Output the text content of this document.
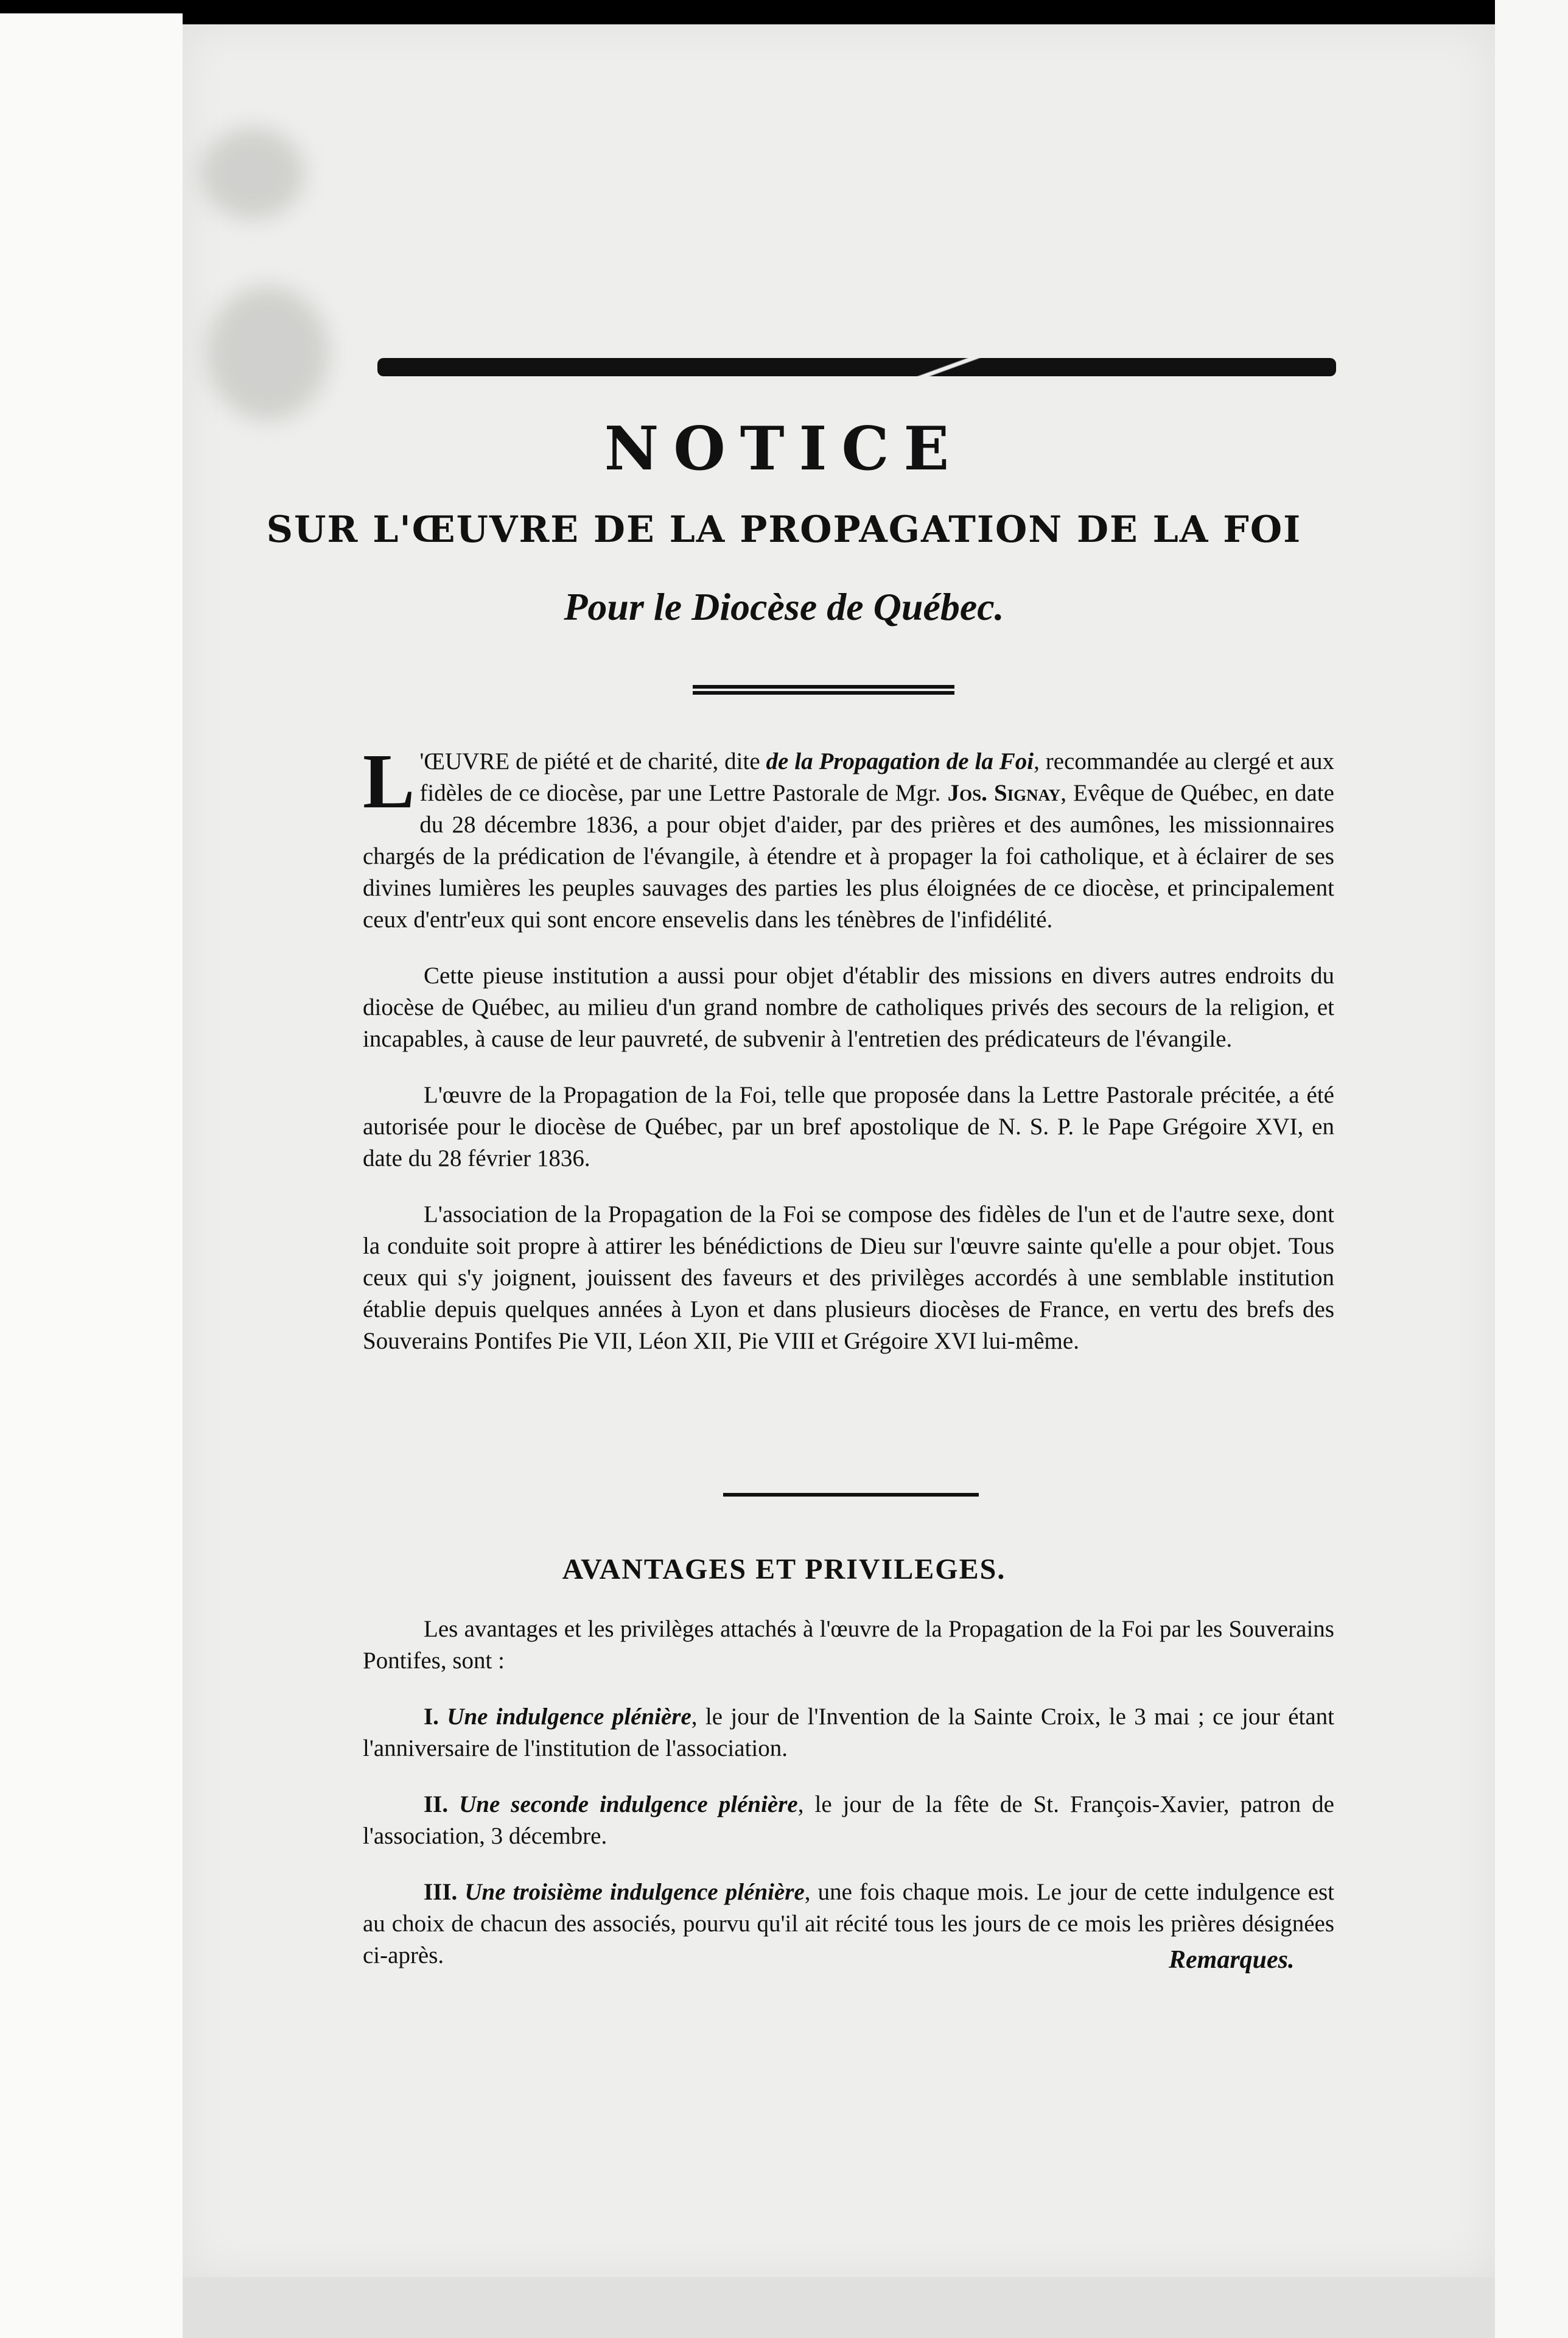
NOTICE
SUR L'ŒUVRE DE LA PROPAGATION DE LA FOI
Pour le Diocèse de Québec.

L 'ŒUVRE de piété et de charité, dite de la Propagation de la Foi, recommandée au clergé et aux fidèles de ce diocèse, par une Lettre Pastorale de Mgr. Jos. Signay, Evêque de Québec, en date du 28 décembre 1836, a pour objet d'aider, par des prières et des aumônes, les missionnaires chargés de la prédication de l'évangile, à étendre et à propager la foi catholique, et à éclairer de ses divines lumières les peuples sauvages des parties les plus éloignées de ce diocèse, et principalement ceux d'entr'eux qui sont encore ensevelis dans les ténèbres de l'infidélité.

Cette pieuse institution a aussi pour objet d'établir des missions en divers autres endroits du diocèse de Québec, au milieu d'un grand nombre de catholiques privés des secours de la religion, et incapables, à cause de leur pauvreté, de subvenir à l'entretien des prédicateurs de l'évangile.

L'œuvre de la Propagation de la Foi, telle que proposée dans la Lettre Pastorale précitée, a été autorisée pour le diocèse de Québec, par un bref apostolique de N. S. P. le Pape Grégoire XVI, en date du 28 février 1836.

L'association de la Propagation de la Foi se compose des fidèles de l'un et de l'autre sexe, dont la conduite soit propre à attirer les bénédictions de Dieu sur l'œuvre sainte qu'elle a pour objet. Tous ceux qui s'y joignent, jouissent des faveurs et des privilèges accordés à une semblable institution établie depuis quelques années à Lyon et dans plusieurs diocèses de France, en vertu des brefs des Souverains Pontifes Pie VII, Léon XII, Pie VIII et Grégoire XVI lui-même.

AVANTAGES ET PRIVILEGES.

Les avantages et les privilèges attachés à l'œuvre de la Propagation de la Foi par les Souverains Pontifes, sont :

I. Une indulgence plénière, le jour de l'Invention de la Sainte Croix, le 3 mai ; ce jour étant l'anniversaire de l'institution de l'association.

II. Une seconde indulgence plénière, le jour de la fête de St. François-Xavier, patron de l'association, 3 décembre.

III. Une troisième indulgence plénière, une fois chaque mois. Le jour de cette indulgence est au choix de chacun des associés, pourvu qu'il ait récité tous les jours de ce mois les prières désignées ci-après.	Remarques.
